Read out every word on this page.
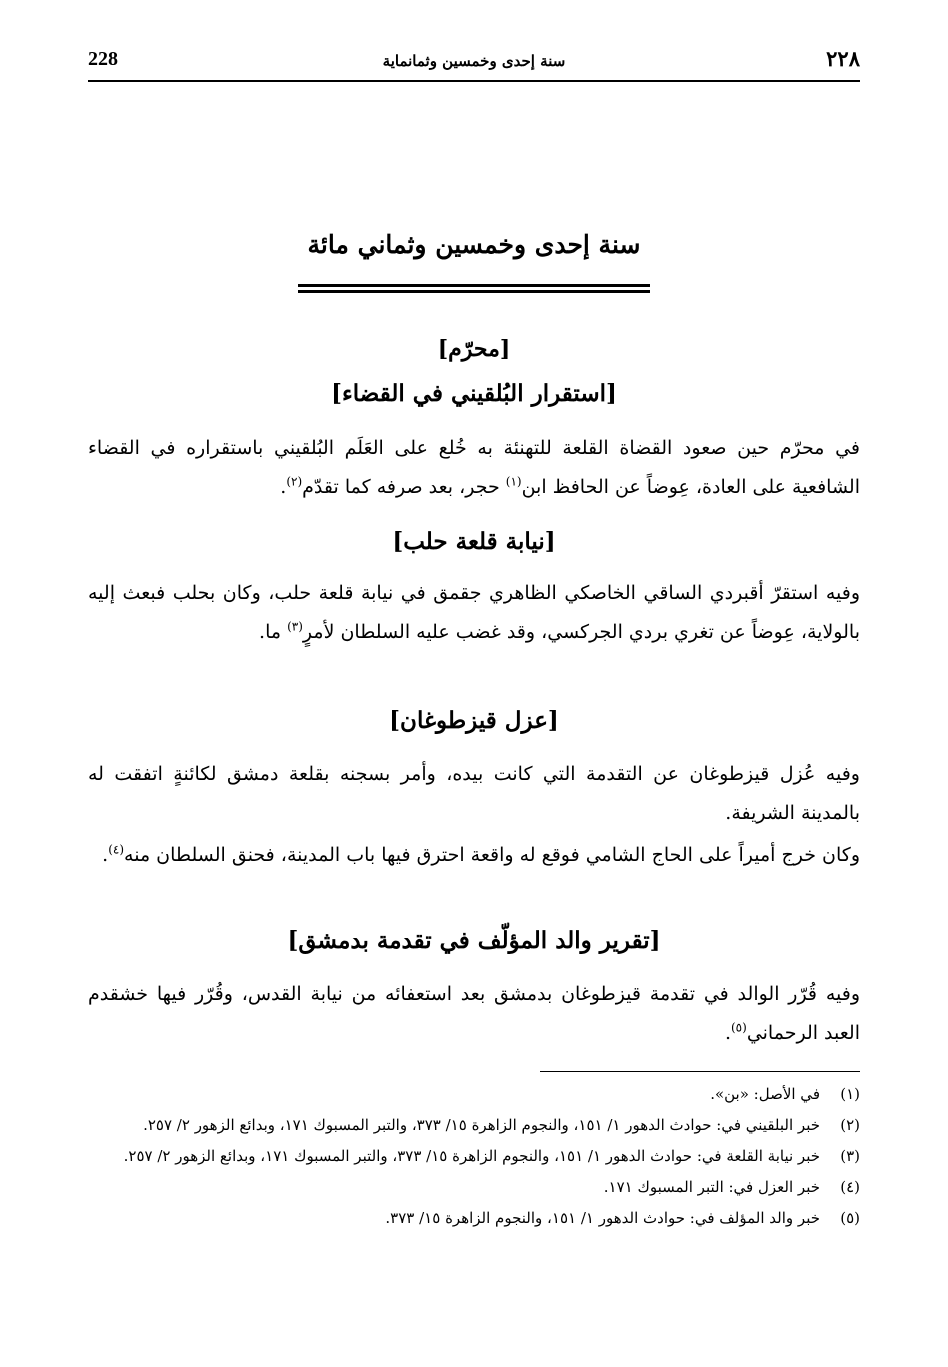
228	سنة إحدى وخمسين وثمانماية	٢٢٨
سنة إحدى وخمسين وثماني مائة
[محرّم]
[استقرار البُلقيني في القضاء]

في محرّم حين صعود القضاة القلعة للتهنئة به خُلع على العَلَم البُلقيني باستقراره في القضاء الشافعية على العادة، عِوضاً عن الحافظ ابن$^{(١)}$ حجر، بعد صرفه كما تقدّم$^{(٢)}$.

[نيابة قلعة حلب]

وفيه استقرّ أقبردي الساقي الخاصكي الظاهري جقمق في نيابة قلعة حلب، وكان بحلب فبعث إليه بالولاية، عِوضاً عن تغري بردي الجركسي، وقد غضب عليه السلطان لأمرٍ$^{(٣)}$ ما.

[عزل قيزطوغان]

وفيه عُزل قيزطوغان عن التقدمة التي كانت بيده، وأمر بسجنه بقلعة دمشق لكائنةٍ اتفقت له بالمدينة الشريفة.

وكان خرج أميراً على الحاج الشامي فوقع له واقعة احترق فيها باب المدينة، فحنق السلطان منه$^{(٤)}$.

[تقرير والد المؤلّف في تقدمة بدمشق]

وفيه قُرّر الوالد في تقدمة قيزطوغان بدمشق بعد استعفائه من نيابة القدس، وقُرّر فيها خشقدم العبد الرحماني$^{(٥)}$.

(١)
في الأصل: «بن».
(٢)
خبر البلقيني في: حوادث الدهور ١/ ١٥١، والنجوم الزاهرة ١٥/ ٣٧٣، والتبر المسبوك ١٧١، وبدائع الزهور ٢/ ٢٥٧.
(٣)
خبر نيابة القلعة في: حوادث الدهور ١/ ١٥١، والنجوم الزاهرة ١٥/ ٣٧٣، والتبر المسبوك ١٧١، وبدائع الزهور ٢/ ٢٥٧.
(٤)
خبر العزل في: التبر المسبوك ١٧١.
(٥)
خبر والد المؤلف في: حوادث الدهور ١/ ١٥١، والنجوم الزاهرة ١٥/ ٣٧٣.
